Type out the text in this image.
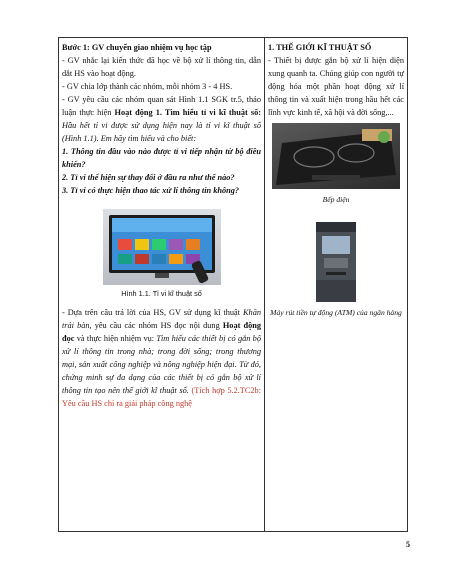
Bước 1: GV chuyển giao nhiệm vụ học tập

- GV nhắc lại kiến thức đã học về bộ xử lí thông tin, dẫn dắt HS vào hoạt động.

- GV chia lớp thành các nhóm, mỗi nhóm 3 - 4 HS.

- GV yêu cầu các nhóm quan sát Hình 1.1 SGK tr.5, thảo luận thực hiện Hoạt động 1. Tìm hiểu tỉ vi kĩ thuật số: Hầu hết tỉ vi được sử dụng hiện nay là tỉ vi kĩ thuật số (Hình 1.1). Em hãy tìm hiểu và cho biết:

1. Thông tin đầu vào nào được tỉ vi tiếp nhận từ bộ điều khiển?

2. Tỉ vi thể hiện sự thay đổi ở đầu ra như thế nào?

3. Tỉ vi có thực hiện thao tác xử lí thông tin không?

Hình 1.1. Tỉ vi kĩ thuật số

- Dựa trên câu trả lời của HS, GV sử dụng kĩ thuật Khăn trải bàn, yêu cầu các nhóm HS đọc nội dung Hoạt động đọc và thực hiện nhiệm vụ: Tìm hiểu các thiết bị có gắn bộ xử lí thông tin trong nhà; trong đời sống; trong thương mại, sản xuất công nghiệp và nông nghiệp hiện đại. Từ đó, chứng minh sự đa dạng của các thiết bị có gắn bộ xử lí thông tin tạo nên thế giới kĩ thuật số. (Tích hợp 5.2.TC2b: Yêu cầu HS chỉ ra giải pháp công nghệ

1. THẾ GIỚI KĨ THUẬT SỐ

- Thiết bị được gắn bộ xử lí hiện diện xung quanh ta. Chúng giúp con người tự động hóa một phần hoạt động xử lí thông tin và xuất hiện trong hầu hết các lĩnh vực kinh tế, xã hội và đời sống,...

Bếp điện

Máy rút tiền tự động (ATM) của ngân hàng

5
